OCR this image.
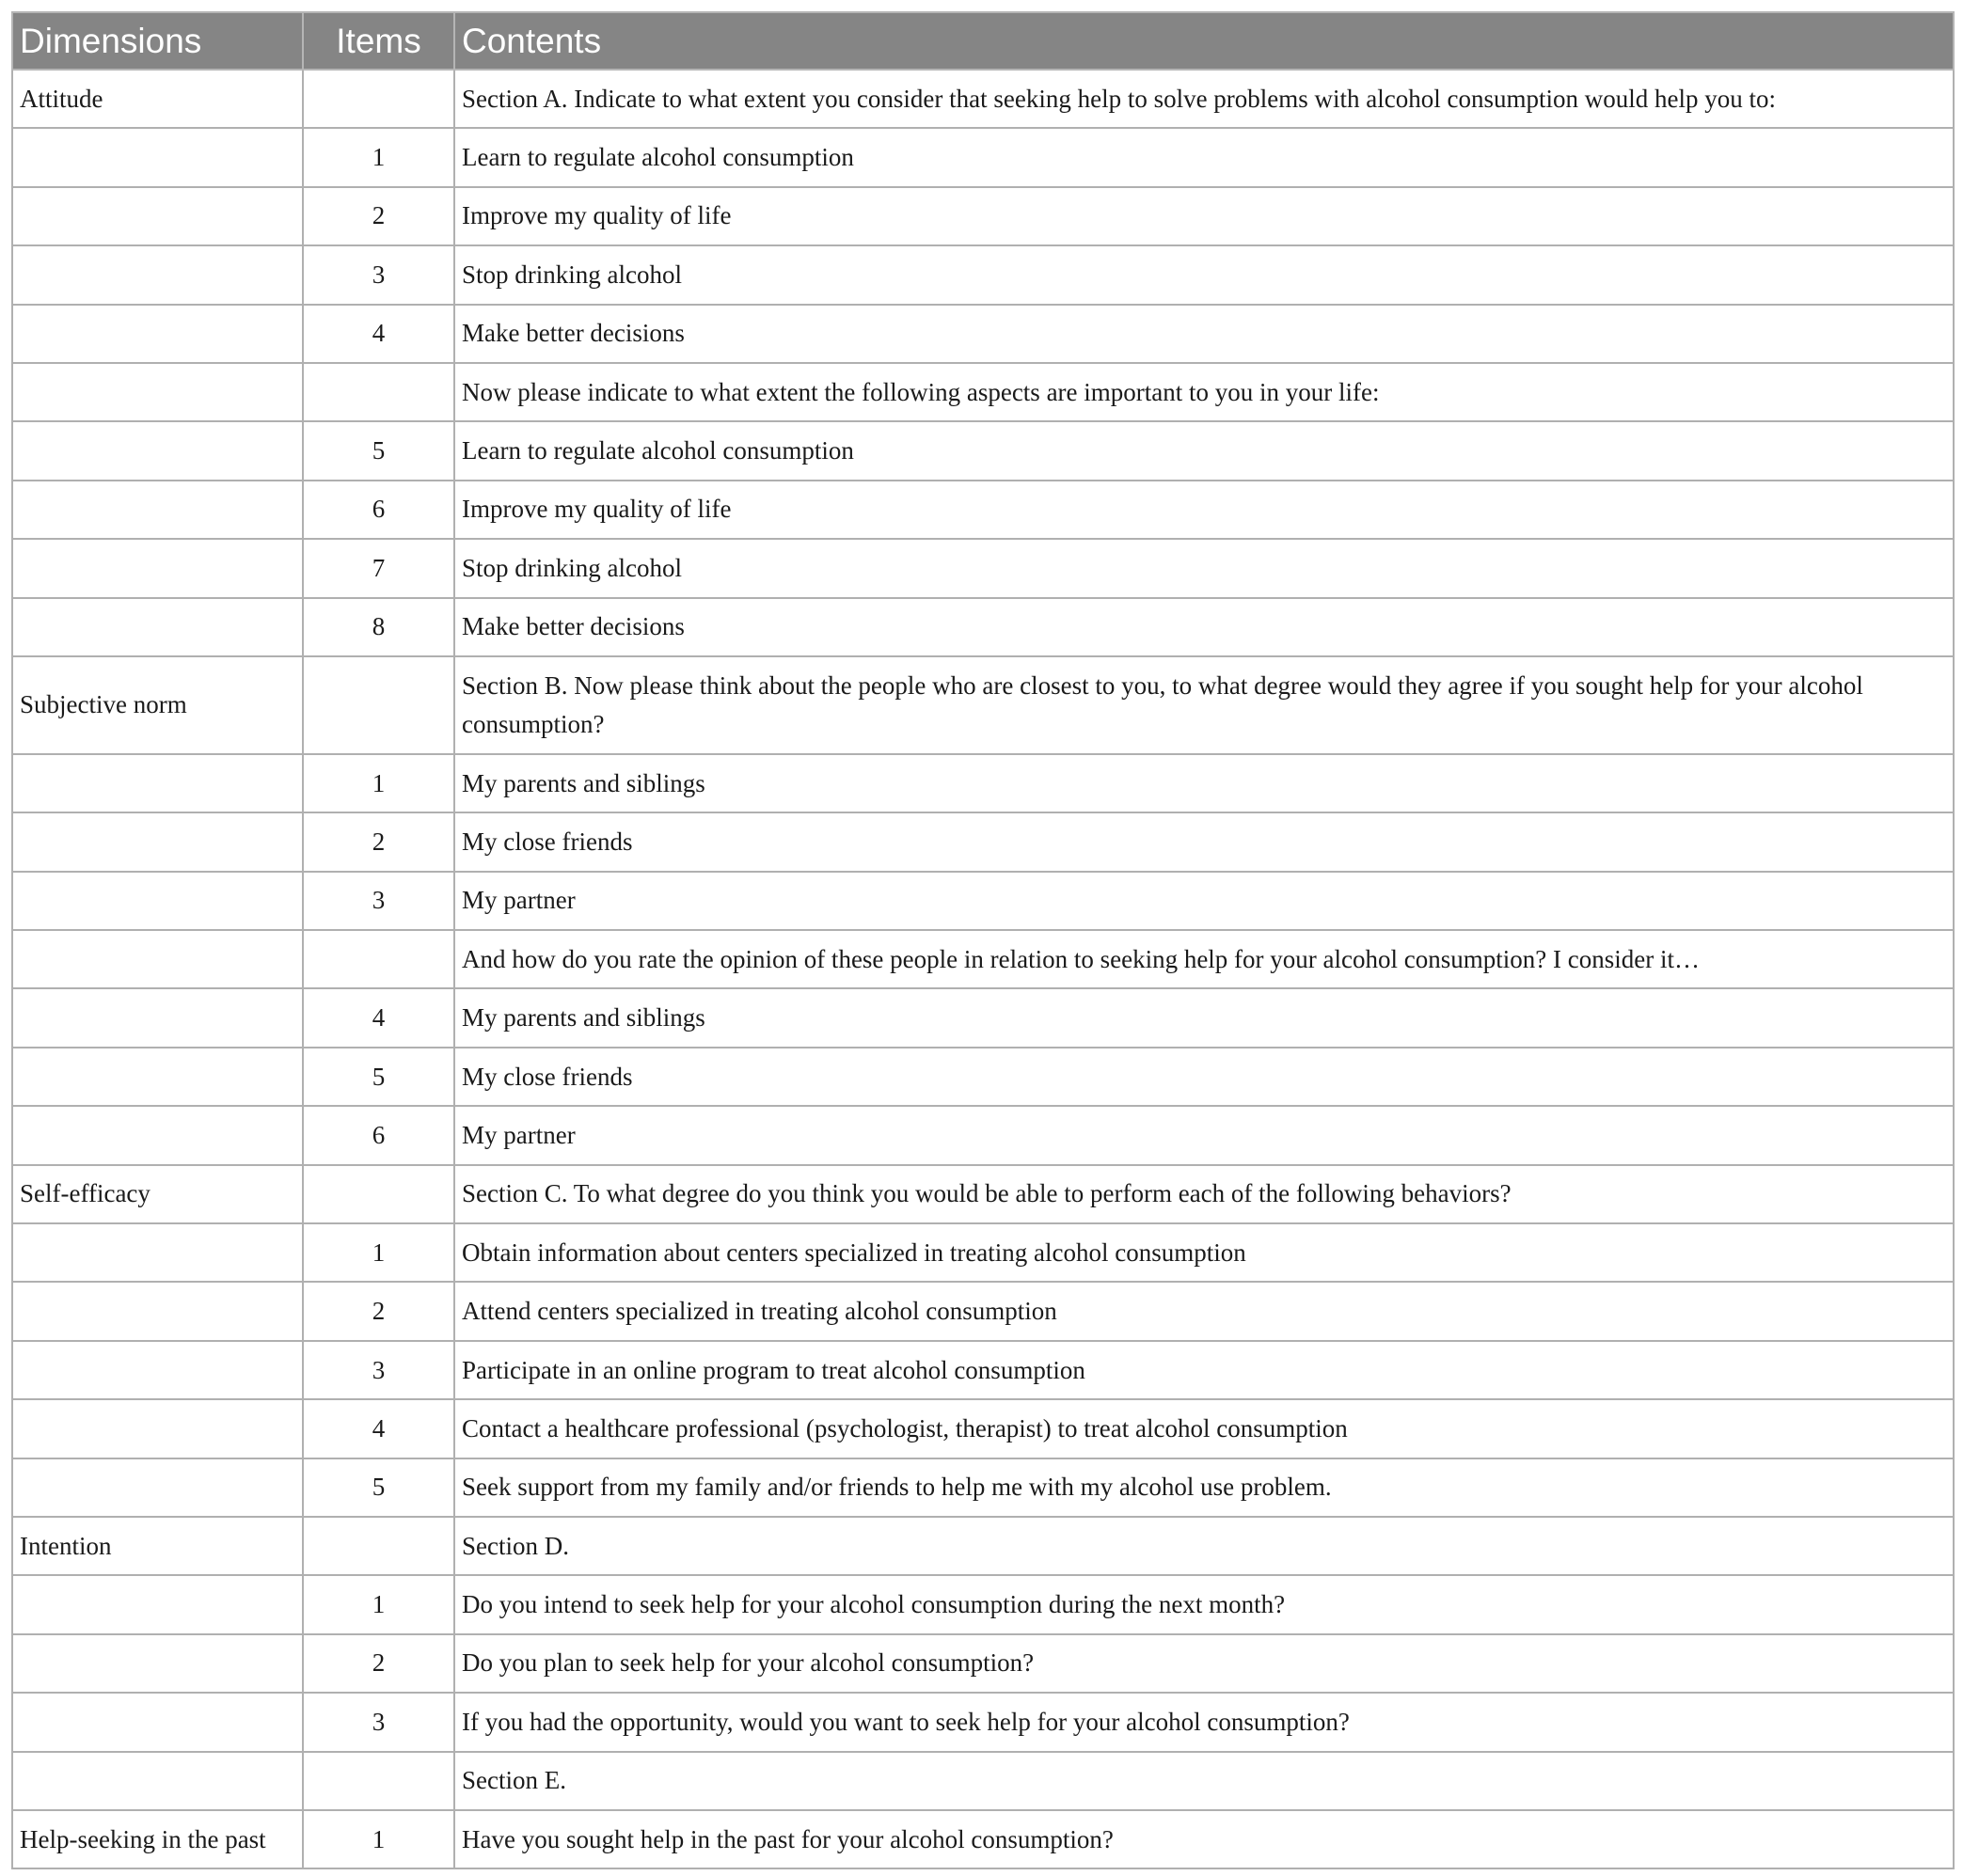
Dimensions	Items	Contents
Attitude		Section A. Indicate to what extent you consider that seeking help to solve problems with alcohol consumption would help you to:
	1	Learn to regulate alcohol consumption
	2	Improve my quality of life
	3	Stop drinking alcohol
	4	Make better decisions
		Now please indicate to what extent the following aspects are important to you in your life:
	5	Learn to regulate alcohol consumption
	6	Improve my quality of life
	7	Stop drinking alcohol
	8	Make better decisions
Subjective norm		Section B. Now please think about the people who are closest to you, to what degree would they agree if you sought help for your alcohol consumption?
	1	My parents and siblings
	2	My close friends
	3	My partner
		And how do you rate the opinion of these people in relation to seeking help for your alcohol consumption? I consider it…
	4	My parents and siblings
	5	My close friends
	6	My partner
Self-efficacy		Section C. To what degree do you think you would be able to perform each of the following behaviors?
	1	Obtain information about centers specialized in treating alcohol consumption
	2	Attend centers specialized in treating alcohol consumption
	3	Participate in an online program to treat alcohol consumption
	4	Contact a healthcare professional (psychologist, therapist) to treat alcohol consumption
	5	Seek support from my family and/or friends to help me with my alcohol use problem.
Intention		Section D.
	1	Do you intend to seek help for your alcohol consumption during the next month?
	2	Do you plan to seek help for your alcohol consumption?
	3	If you had the opportunity, would you want to seek help for your alcohol consumption?
		Section E.
Help-seeking in the past	1	Have you sought help in the past for your alcohol consumption?
